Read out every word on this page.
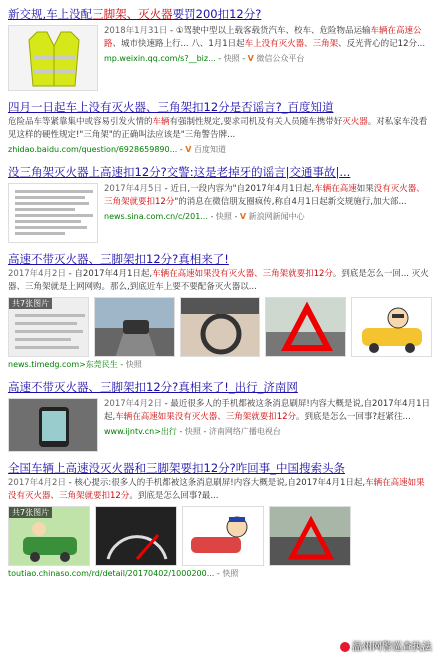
新交规,车上没配三脚架、灭火器要罚200扣12分?
2018年1月31日 - ①驾驶中型以上载客载货汽车、校车、危险物品运输车辆在高速公路、城市快速路上行... 八、1月1日起车上没有灭火器、三角架、反光背心的记12分...
mp.weixin.qq.com/s?__biz... - 快照 - V 微信公众平台
四月一日起车上没有灭火器、三角架扣12分是否谣言?_百度知道
危险品车等紧靠集中或容易引发火情的车辆有强制性规定,要求司机及有关人员随车携带好灭火器。对私家车没看见这样的硬性规定!"三角架"的正确叫法应该是"三角警告牌...
zhidao.baidu.com/question/6928659890... - V 百度知道
没三角架灭火器上高速扣12分?交警:这是老掉牙的谣言|交通事故|...
2017年4月5日 - 近日,一段内容为"自2017年4月1日起,车辆在高速如果没有灭火器、三角架就要扣12分"的消息在微信朋友圈疯传,称自4月1日起新交规施行,加大部...
news.sina.com.cn/c/201... - 快照 - V 新浪网新闻中心
高速不带灭火器、三脚架扣12分?真相来了!
2017年4月2日 - 自2017年4月1日起,车辆在高速如果没有灭火器、三角架就要扣12分。到底是怎么一回... 灭火器、三角架就是上网网购。那么,到底近车上要不要配备灭火器以...
共7张图片
news.timedg.com>东莞民生 - 快照
高速不带灭火器、三脚架扣12分?真相来了!_出行_济南网
2017年4月2日 - 最近很多人的手机都被这条消息刷屏!内容大概是说,自2017年4月1日起,车辆在高速如果没有灭火器、三角架就要扣12分。到底是怎么一回事?赶紧往...
www.ijntv.cn>出行 - 快照 - 济南网络广播电视台
全国车辆上高速没灭火器和三脚架要扣12分?咋回事_中国搜索头条
2017年4月2日 - 核心提示:很多人的手机都被这条消息刷屏!内容大概是说,自2017年4月1日起,车辆在高速如果没有灭火器、三角架就要扣12分。到底是怎么回事?最...
共7张图片
toutiao.chinaso.com/rd/detail/20170402/1000200... - 快照
温州网警巡查执法
